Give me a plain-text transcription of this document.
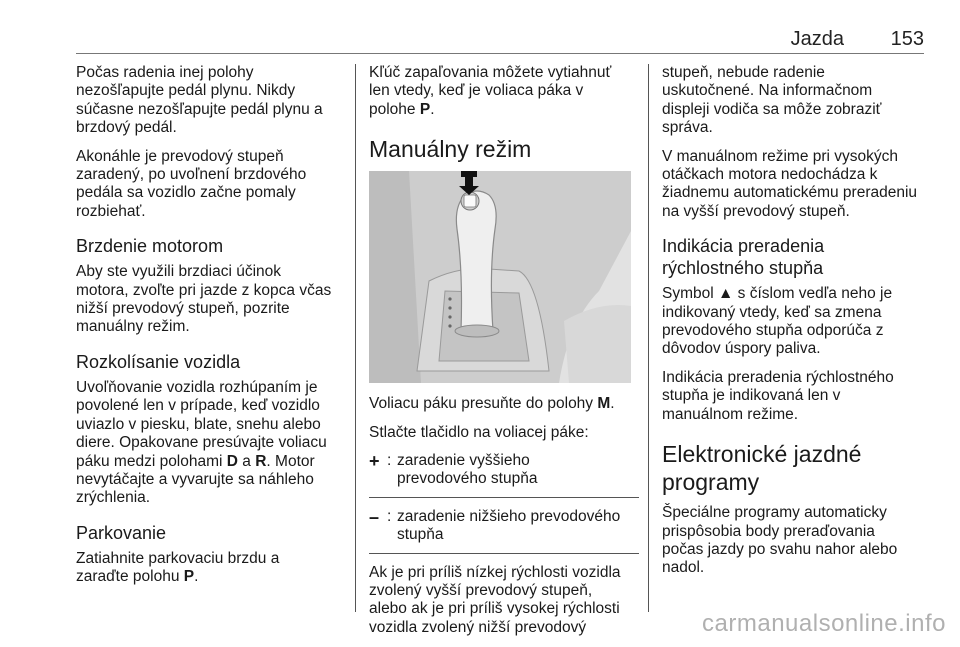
Jazda 153

Počas radenia inej polohy
nezošľapujte pedál plynu. Nikdy
súčasne nezošľapujte pedál plynu a
brzdový pedál.

Akonáhle je prevodový stupeň
zaradený, po uvoľnení brzdového
pedála sa vozidlo začne pomaly
rozbiehať.

Brzdenie motorom

Aby ste využili brzdiaci účinok
motora, zvoľte pri jazde z kopca včas
nižší prevodový stupeň, pozrite
manuálny režim.

Rozkolísanie vozidla

Uvoľňovanie vozidla rozhúpaním je
povolené len v prípade, keď vozidlo
uviazlo v piesku, blate, snehu alebo
diere. Opakovane presúvajte voliacu
páku medzi polohami D a R. Motor
nevytáčajte a vyvarujte sa náhleho
zrýchlenia.

Parkovanie

Zatiahnite parkovaciu brzdu a
zaraďte polohu P.

Kľúč zapaľovania môžete vytiahnuť
len vtedy, keď je voliaca páka v
polohe P.

Manuálny režim

Voliacu páku presuňte do polohy M.

Stlačte tlačidlo na voliacej páke:

+ : zaradenie vyššieho
prevodového stupňa
– : zaradenie nižšieho prevodového
stupňa

Ak je pri príliš nízkej rýchlosti vozidla
zvolený vyšší prevodový stupeň,
alebo ak je pri príliš vysokej rýchlosti
vozidla zvolený nižší prevodový

stupeň, nebude radenie
uskutočnené. Na informačnom
displeji vodiča sa môže zobraziť
správa.

V manuálnom režime pri vysokých
otáčkach motora nedochádza k
žiadnemu automatickému preradeniu
na vyšší prevodový stupeň.

Indikácia preradenia
rýchlostného stupňa

Symbol ▲ s číslom vedľa neho je
indikovaný vtedy, keď sa zmena
prevodového stupňa odporúča z
dôvodov úspory paliva.

Indikácia preradenia rýchlostného
stupňa je indikovaná len v
manuálnom režime.

Elektronické jazdné
programy

Špeciálne programy automaticky
prispôsobia body preraďovania
počas jazdy po svahu nahor alebo
nadol.

carmanualsonline.info
